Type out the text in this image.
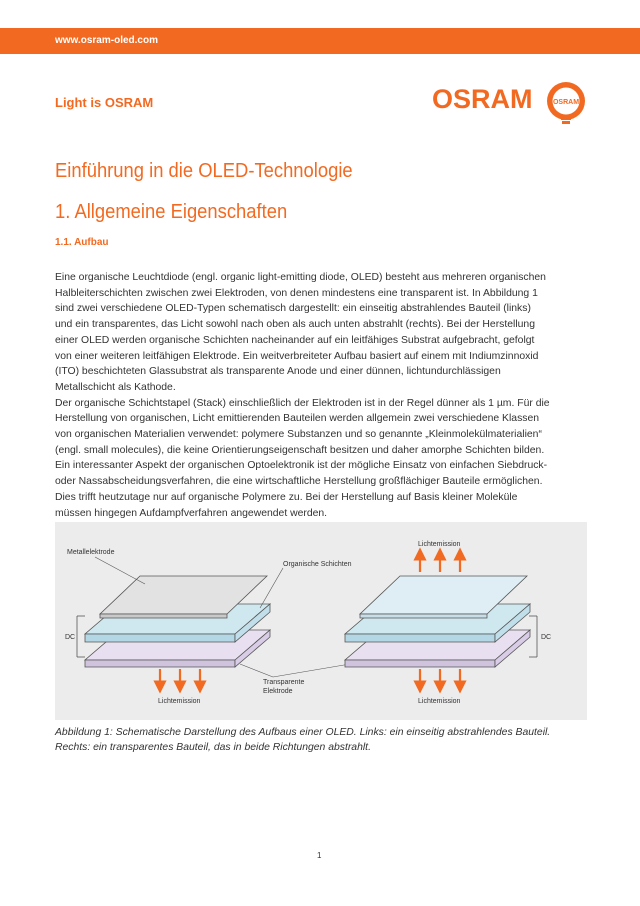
www.osram-oled.com
Light is OSRAM	OSRAM	OSRAM
Einführung in die OLED-Technologie
1. Allgemeine Eigenschaften
1.1. Aufbau
Eine organische Leuchtdiode (engl. organic light-emitting diode, OLED) besteht aus mehreren organischen
Halbleiterschichten zwischen zwei Elektroden, von denen mindestens eine transparent ist. In Abbildung 1
sind zwei verschiedene OLED-Typen schematisch dargestellt: ein einseitig abstrahlendes Bauteil (links)
und ein transparentes, das Licht sowohl nach oben als auch unten abstrahlt (rechts). Bei der Herstellung
einer OLED werden organische Schichten nacheinander auf ein leitfähiges Substrat aufgebracht, gefolgt
von einer weiteren leitfähigen Elektrode. Ein weitverbreiteter Aufbau basiert auf einem mit Indiumzinnoxid
(ITO) beschichteten Glassubstrat als transparente Anode und einer dünnen, lichtundurchlässigen
Metallschicht als Kathode.
Der organische Schichtstapel (Stack) einschließlich der Elektroden ist in der Regel dünner als 1 µm. Für die
Herstellung von organischen, Licht emittierenden Bauteilen werden allgemein zwei verschiedene Klassen
von organischen Materialien verwendet: polymere Substanzen und so genannte „Kleinmolekülmaterialien“
(engl. small molecules), die keine Orientierungseigenschaft besitzen und daher amorphe Schichten bilden.
Ein interessanter Aspekt der organischen Optoelektronik ist der mögliche Einsatz von einfachen Siebdruck-
oder Nassabscheidungsverfahren, die eine wirtschaftliche Herstellung großflächiger Bauteile ermöglichen.
Dies trifft heutzutage nur auf organische Polymere zu. Bei der Herstellung auf Basis kleiner Moleküle
müssen hingegen Aufdampfverfahren angewendet werden.
DC
Metallelektrode
Organische Schichten
Transparente
Elektrode
Lichtemission
DC
Lichtemission
Lichtemission
Abbildung 1: Schematische Darstellung des Aufbaus einer OLED. Links: ein einseitig abstrahlendes Bauteil.
Rechts: ein transparentes Bauteil, das in beide Richtungen abstrahlt.
1
